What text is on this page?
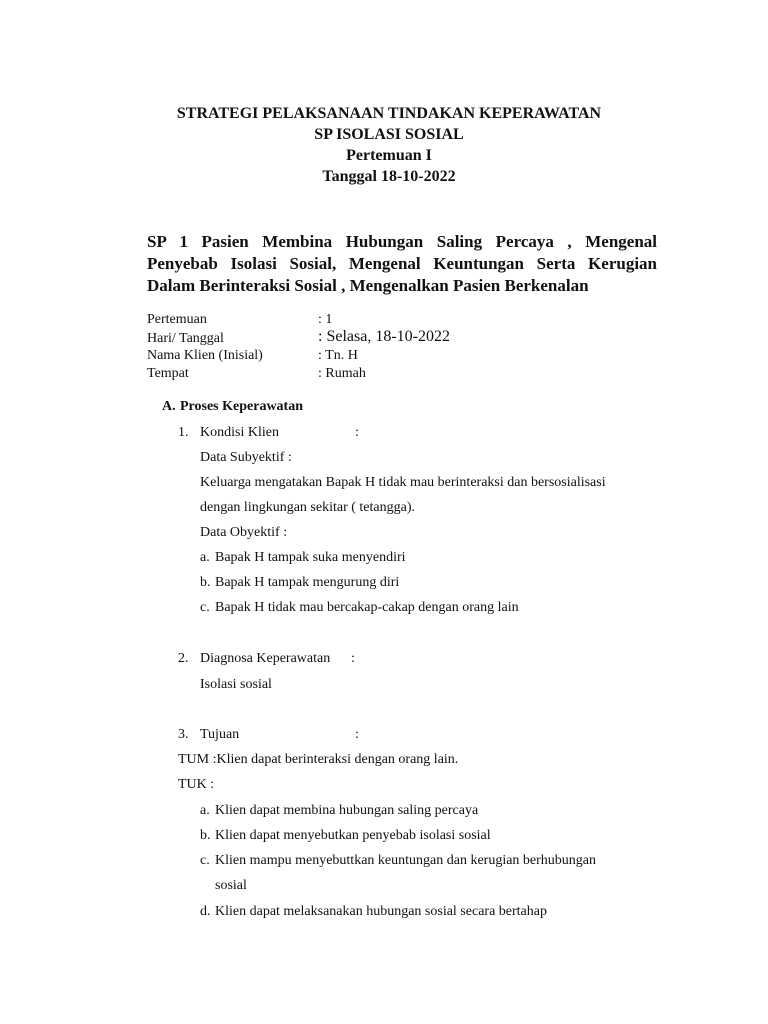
STRATEGI PELAKSANAAN TINDAKAN KEPERAWATAN
SP ISOLASI SOSIAL
Pertemuan I
Tanggal 18-10-2022
SP 1 Pasien Membina Hubungan Saling Percaya , Mengenal Penyebab Isolasi Sosial, Mengenal Keuntungan Serta Kerugian Dalam Berinteraksi Sosial , Mengenalkan Pasien Berkenalan
Pertemuan	: 1
Hari/ Tanggal	: Selasa, 18-10-2022
Nama Klien (Inisial)	: Tn. H
Tempat	: Rumah
A. Proses Keperawatan
1. Kondisi Klien	:
Data Subyektif :
Keluarga mengatakan Bapak H tidak mau berinteraksi dan bersosialisasi
dengan lingkungan sekitar ( tetangga).
Data Obyektif :
a. Bapak H tampak suka menyendiri
b. Bapak H tampak mengurung diri
c. Bapak H tidak mau bercakap-cakap dengan orang lain
2. Diagnosa Keperawatan :
Isolasi sosial
3. Tujuan	:
TUM :Klien dapat berinteraksi dengan orang lain.
TUK :
a. Klien dapat membina hubungan saling percaya
b. Klien dapat menyebutkan penyebab isolasi sosial
c. Klien mampu menyebuttkan keuntungan dan kerugian berhubungan
sosial
d. Klien dapat melaksanakan hubungan sosial secara bertahap
